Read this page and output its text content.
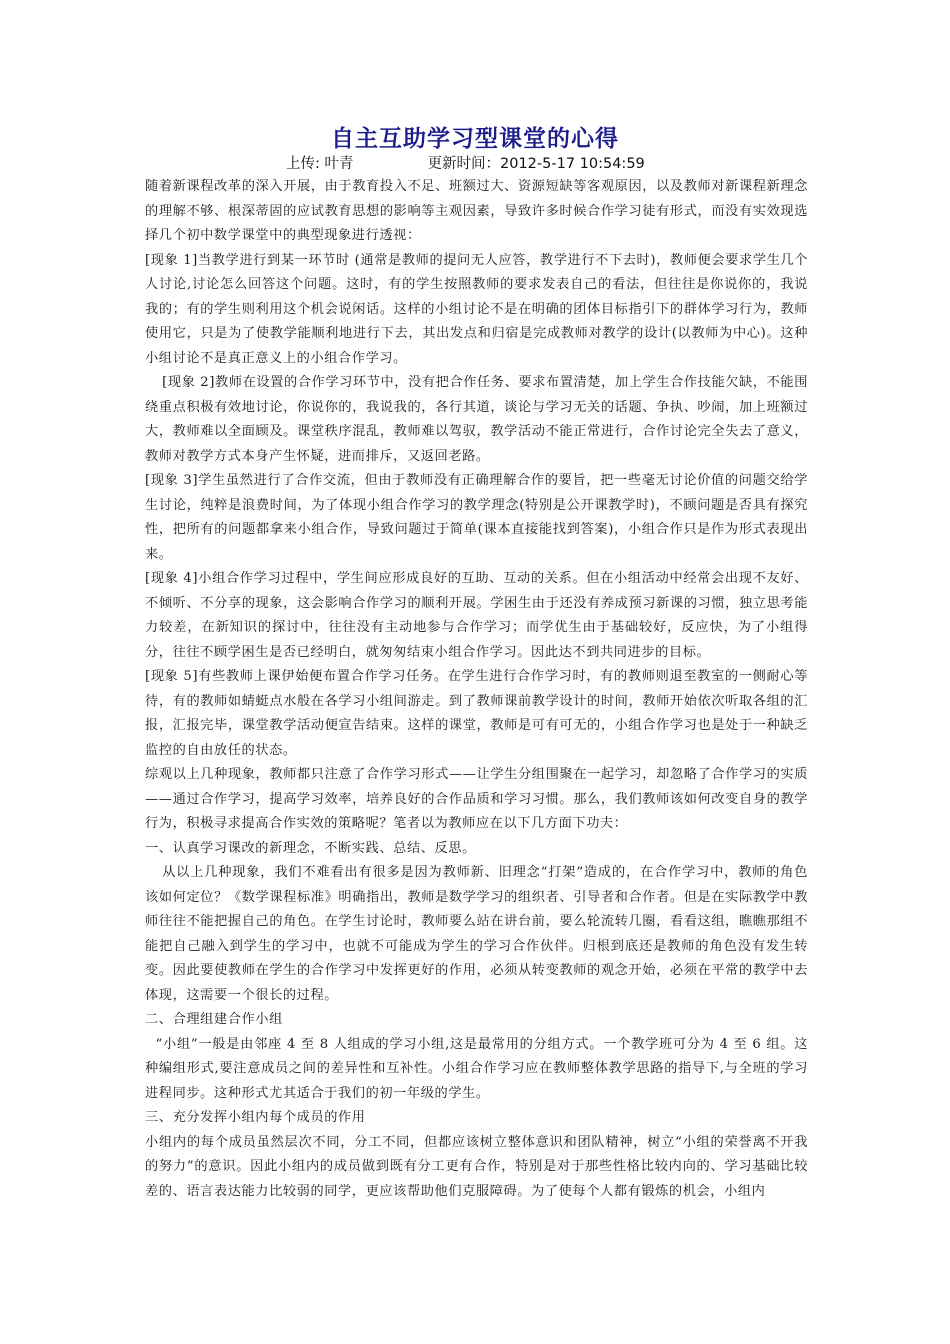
自主互助学习型课堂的心得
上传: 叶青	更新时间：2012-5-17 10:54:59

随着新课程改革的深入开展，由于教育投入不足、班额过大、资源短缺等客观原因，以及教师对新课程新理念的理解不够、根深蒂固的应试教育思想的影响等主观因素，导致许多时候合作学习徒有形式，而没有实效现选择几个初中数学课堂中的典型现象进行透视：

[现象 1]当教学进行到某一环节时 (通常是教师的提问无人应答，教学进行不下去时)，教师便会要求学生几个人讨论,讨论怎么回答这个问题。这时，有的学生按照教师的要求发表自己的看法，但往往是你说你的，我说我的；有的学生则利用这个机会说闲话。这样的小组讨论不是在明确的团体目标指引下的群体学习行为，教师使用它，只是为了使教学能顺利地进行下去，其出发点和归宿是完成教师对教学的设计(以教师为中心)。这种小组讨论不是真正意义上的小组合作学习。

[现象 2]教师在设置的合作学习环节中，没有把合作任务、要求布置清楚，加上学生合作技能欠缺，不能围绕重点积极有效地讨论，你说你的，我说我的，各行其道，谈论与学习无关的话题、争执、吵闹，加上班额过大，教师难以全面顾及。课堂秩序混乱，教师难以驾驭，教学活动不能正常进行，合作讨论完全失去了意义，教师对教学方式本身产生怀疑，进而排斥，又返回老路。

[现象 3]学生虽然进行了合作交流，但由于教师没有正确理解合作的要旨，把一些毫无讨论价值的问题交给学生讨论，纯粹是浪费时间，为了体现小组合作学习的教学理念(特别是公开课教学时)，不顾问题是否具有探究性，把所有的问题都拿来小组合作，导致问题过于简单(课本直接能找到答案)，小组合作只是作为形式表现出来。

[现象 4]小组合作学习过程中，学生间应形成良好的互助、互动的关系。但在小组活动中经常会出现不友好、不倾听、不分享的现象，这会影响合作学习的顺利开展。学困生由于还没有养成预习新课的习惯，独立思考能力较差，在新知识的探讨中，往往没有主动地参与合作学习；而学优生由于基础较好，反应快，为了小组得分，往往不顾学困生是否已经明白，就匆匆结束小组合作学习。因此达不到共同进步的目标。

[现象 5]有些教师上课伊始便布置合作学习任务。在学生进行合作学习时，有的教师则退至教室的一侧耐心等待，有的教师如蜻蜓点水般在各学习小组间游走。到了教师课前教学设计的时间，教师开始依次听取各组的汇报，汇报完毕，课堂教学活动便宣告结束。这样的课堂，教师是可有可无的，小组合作学习也是处于一种缺乏监控的自由放任的状态。

综观以上几种现象，教师都只注意了合作学习形式——让学生分组围聚在一起学习，却忽略了合作学习的实质——通过合作学习，提高学习效率，培养良好的合作品质和学习习惯。那么，我们教师该如何改变自身的教学行为，积极寻求提高合作实效的策略呢？笔者以为教师应在以下几方面下功夫：

一、认真学习课改的新理念，不断实践、总结、反思。

从以上几种现象，我们不难看出有很多是因为教师新、旧理念“打架”造成的，在合作学习中，教师的角色该如何定位？《数学课程标准》明确指出，教师是数学学习的组织者、引导者和合作者。但是在实际教学中教师往往不能把握自己的角色。在学生讨论时，教师要么站在讲台前，要么轮流转几圈，看看这组，瞧瞧那组不能把自己融入到学生的学习中，也就不可能成为学生的学习合作伙伴。归根到底还是教师的角色没有发生转变。因此要使教师在学生的合作学习中发挥更好的作用，必须从转变教师的观念开始，必须在平常的教学中去体现，这需要一个很长的过程。

二、合理组建合作小组

“小组”一般是由邻座 4 至 8 人组成的学习小组,这是最常用的分组方式。一个教学班可分为 4 至 6 组。这种编组形式,要注意成员之间的差异性和互补性。小组合作学习应在教师整体教学思路的指导下,与全班的学习进程同步。这种形式尤其适合于我们的初一年级的学生。

三、充分发挥小组内每个成员的作用

小组内的每个成员虽然层次不同，分工不同，但都应该树立整体意识和团队精神，树立“小组的荣誉离不开我的努力”的意识。因此小组内的成员做到既有分工更有合作，特别是对于那些性格比较内向的、学习基础比较差的、语言表达能力比较弱的同学，更应该帮助他们克服障碍。为了使每个人都有锻炼的机会，小组内
